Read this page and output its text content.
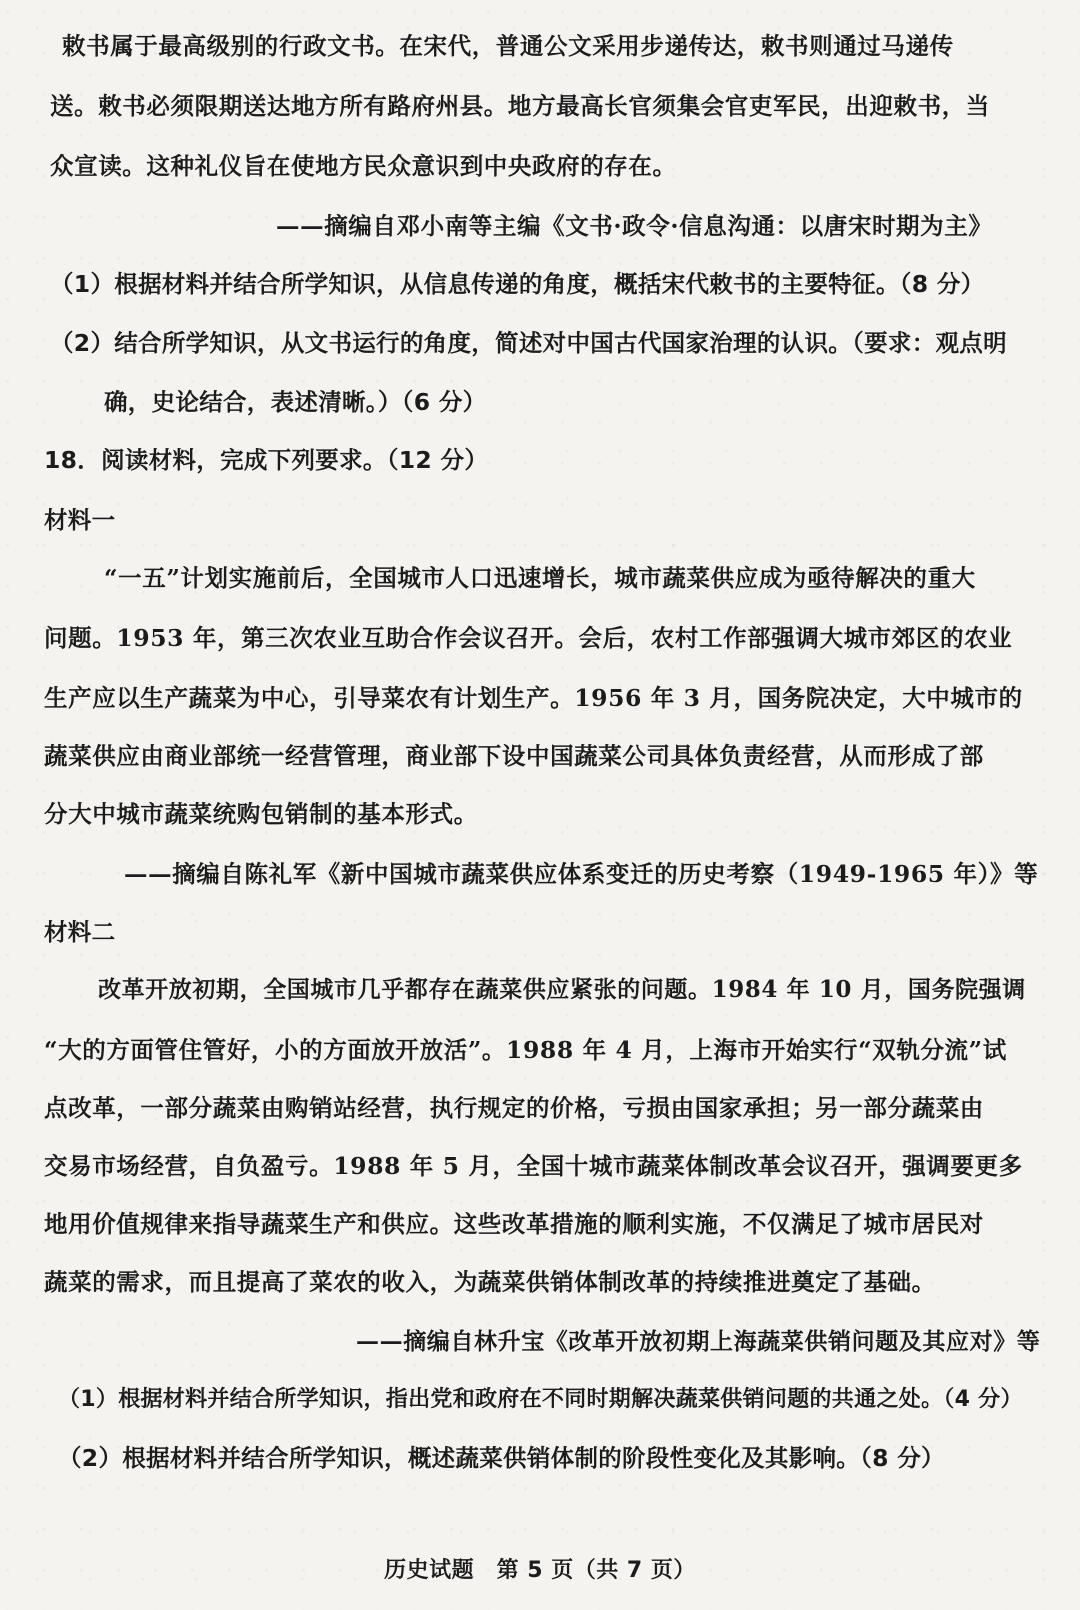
敕书属于最高级别的行政文书。在宋代，普通公文采用步递传达，敕书则通过马递传
送。敕书必须限期送达地方所有路府州县。地方最高长官须集会官吏军民，出迎敕书，当
众宣读。这种礼仪旨在使地方民众意识到中央政府的存在。
——摘编自邓小南等主编《文书·政令·信息沟通：以唐宋时期为主》
（1）根据材料并结合所学知识，从信息传递的角度，概括宋代敕书的主要特征。（8 分）
（2）结合所学知识，从文书运行的角度，简述对中国古代国家治理的认识。（要求：观点明
确，史论结合，表述清晰。）（6 分）
18．阅读材料，完成下列要求。（12 分）
材料一
“一五”计划实施前后，全国城市人口迅速增长，城市蔬菜供应成为亟待解决的重大
问题。1953 年，第三次农业互助合作会议召开。会后，农村工作部强调大城市郊区的农业
生产应以生产蔬菜为中心，引导菜农有计划生产。1956 年 3 月，国务院决定，大中城市的
蔬菜供应由商业部统一经营管理，商业部下设中国蔬菜公司具体负责经营，从而形成了部
分大中城市蔬菜统购包销制的基本形式。
——摘编自陈礼军《新中国城市蔬菜供应体系变迁的历史考察（1949-1965 年）》等
材料二
改革开放初期，全国城市几乎都存在蔬菜供应紧张的问题。1984 年 10 月，国务院强调
“大的方面管住管好，小的方面放开放活”。1988 年 4 月，上海市开始实行“双轨分流”试
点改革，一部分蔬菜由购销站经营，执行规定的价格，亏损由国家承担；另一部分蔬菜由
交易市场经营，自负盈亏。1988 年 5 月，全国十城市蔬菜体制改革会议召开，强调要更多
地用价值规律来指导蔬菜生产和供应。这些改革措施的顺利实施，不仅满足了城市居民对
蔬菜的需求，而且提高了菜农的收入，为蔬菜供销体制改革的持续推进奠定了基础。
——摘编自林升宝《改革开放初期上海蔬菜供销问题及其应对》等
（1）根据材料并结合所学知识，指出党和政府在不同时期解决蔬菜供销问题的共通之处。（4 分）
（2）根据材料并结合所学知识，概述蔬菜供销体制的阶段性变化及其影响。（8 分）
历史试题　第 5 页（共 7 页）
